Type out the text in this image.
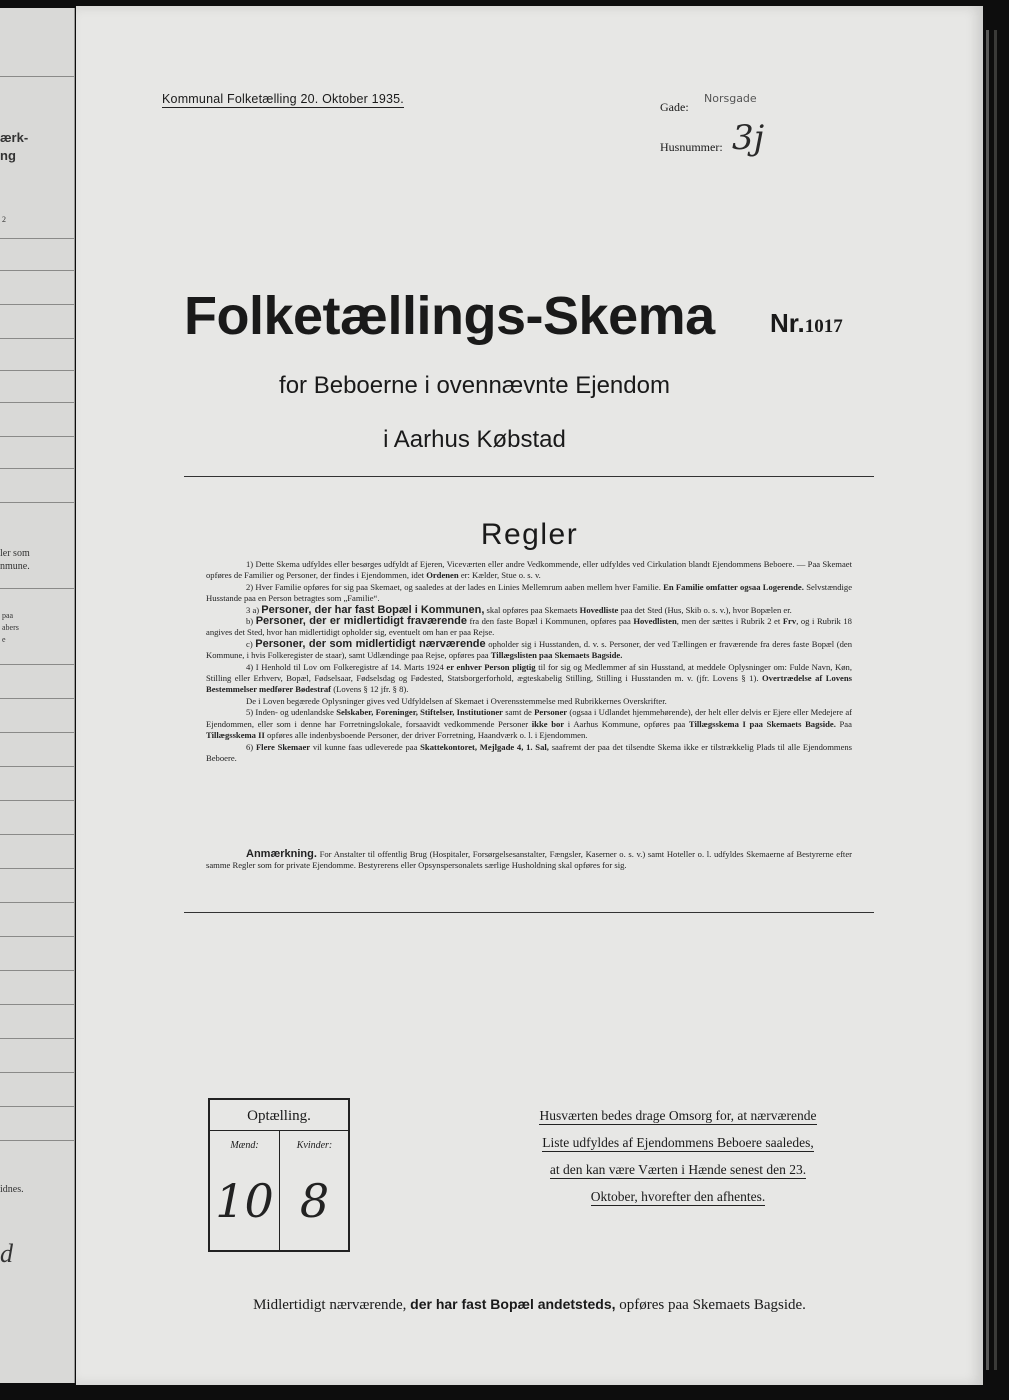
ærk-
ng
2
ler som
nmune.
paa
abers
e
idnes.
d
Kommunal Folketælling 20. Oktober 1935.
Gade:
Norsgade
Husnummer: 3j
Folketællings-Skema	Nr.1017
for Beboerne i ovennævnte Ejendom
i Aarhus Købstad
Regler

1) Dette Skema udfyldes eller besørges udfyldt af Ejeren, Viceværten eller andre Vedkommende, eller udfyldes ved Cirkulation blandt Ejendommens Beboere. — Paa Skemaet opføres de Familier og Personer, der findes i Ejendommen, idet Ordenen er: Kælder, Stue o. s. v.

2) Hver Familie opføres for sig paa Skemaet, og saaledes at der lades en Linies Mellemrum aaben mellem hver Familie. En Familie omfatter ogsaa Logerende. Selvstændige Husstande paa en Person betragtes som „Familie“.

3 a) Personer, der har fast Bopæl i Kommunen, skal opføres paa Skemaets Hovedliste paa det Sted (Hus, Skib o. s. v.), hvor Bopælen er.

b) Personer, der er midlertidigt fraværende fra den faste Bopæl i Kommunen, opføres paa Hovedlisten, men der sættes i Rubrik 2 et Frv, og i Rubrik 18 angives det Sted, hvor han midlertidigt opholder sig, eventuelt om han er paa Rejse.

c) Personer, der som midlertidigt nærværende opholder sig i Husstanden, d. v. s. Personer, der ved Tællingen er fraværende fra deres faste Bopæl (den Kommune, i hvis Folkeregister de staar), samt Udlændinge paa Rejse, opføres paa Tillægslisten paa Skemaets Bagside.

4) I Henhold til Lov om Folkeregistre af 14. Marts 1924 er enhver Person pligtig til for sig og Medlemmer af sin Husstand, at meddele Oplysninger om: Fulde Navn, Køn, Stilling eller Erhverv, Bopæl, Fødselsaar, Fødselsdag og Fødested, Statsborgerforhold, ægteskabelig Stilling, Stilling i Husstanden m. v. (jfr. Lovens § 1). Overtrædelse af Lovens Bestemmelser medfører Bødestraf (Lovens § 12 jfr. § 8).

De i Loven begærede Oplysninger gives ved Udfyldelsen af Skemaet i Overensstemmelse med Rubrikkernes Overskrifter.

5) Inden- og udenlandske Selskaber, Foreninger, Stiftelser, Institutioner samt de Personer (ogsaa i Udlandet hjemmehørende), der helt eller delvis er Ejere eller Medejere af Ejendommen, eller som i denne har Forretningslokale, forsaavidt vedkommende Personer ikke bor i Aarhus Kommune, opføres paa Tillægsskema I paa Skemaets Bagside. Paa Tillægsskema II opføres alle indenbysboende Personer, der driver Forretning, Haandværk o. l. i Ejendommen.

6) Flere Skemaer vil kunne faas udleverede paa Skattekontoret, Mejlgade 4, 1. Sal, saafremt der paa det tilsendte Skema ikke er tilstrækkelig Plads til alle Ejendommens Beboere.

Anmærkning. For Anstalter til offentlig Brug (Hospitaler, Forsørgelsesanstalter, Fængsler, Kaserner o. s. v.) samt Hoteller o. l. udfyldes Skemaerne af Bestyrerne efter samme Regler som for private Ejendomme. Bestyrerens eller Opsynspersonalets særlige Husholdning skal opføres for sig.

Optælling.
Mænd:	Kvinder:
10 8
Husværten bedes drage Omsorg for, at nærværende
Liste udfyldes af Ejendommens Beboere saaledes,
at den kan være Værten i Hænde senest den 23.
Oktober, hvorefter den afhentes.
Midlertidigt nærværende, der har fast Bopæl andetsteds, opføres paa Skemaets Bagside.
